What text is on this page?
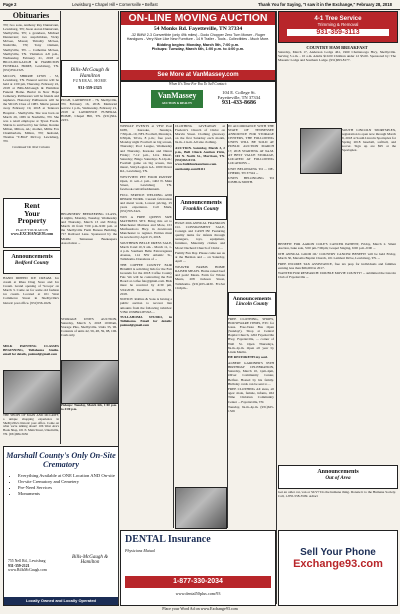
Page 2	Lewisburg • Chapel Hill • Cornersville • Belfast	Thank You for Saying, "I saw it in the Exchange," February 28, 2018
Obituaries

TN; two sons, Anthony Ray Dunnavant, Lewisburg, TN; Jason Aaron Dunnavant, Shelbyville, TN; a grandson, Michael Dunnavant; two stepchildren, Vicky McGee, Mason; Timothy McGee, Nashville, TN; Tony Ozment, Shelbyville, TN. ... Catherine McGee, Shelbyville, TN. Visitation 4-8 p.m., Wednesday, February 21, 2018 at BILLS-MCGAUGH & HAMILTON FUNERAL HOME, Lewisburg, TN. (931)359-2325.

MCCOY, SHIRRIE LYNN - 53, Lewisburg, TN. Funeral service will be held at 1:00 pm, Thursday, February 22, 2018 at Bills-McGaugh & Hamilton Funeral Home. Burial in New Hope Cemetery. Pallbearers will be friends and nephews. Honorary Pallbearers will be the SICOS Class of 1983. Shirrie passed away February 19, 2018 at Tennova Hospital - Shelbyville. She was born on March 26, 1965 in Nashville, TN. She was a retail employee at Tyson Foods. Shirrie is survived by her father, Ronnie Milton, Milton, AL; mother, Millie Fox Chamberlain, Milton, TN; husband, Thomas "T-Bird" McCoy, Lewisburg, TN.

Continued On Next Column
Bills-McGaugh & Hamilton
FUNERAL HOME
931-359-2325

PUGH, LAWRENCE - 76, Shelbyville, TN. February 16, 2018. Memorial service 1 p.m., Wednesday, February 21, 2018 at LAWRENCE FUNERAL HOME, Chapel Hill, TN. (931)364-2233.

Rent
Your
Property
PLACE YOUR AD ON
www.EXCHANGE93.com
Announcements
Bedford County

BEGINNERS' BEEKEEPING CLASS, 4 nights, Monday, Tuesday, Wednesday and Thursday, March 13 and Friday, March 16 from 7:00 p.m.-9:00 p.m. at the Shelbyville Farm Bureau Building, 717 Railroad Lane. Sponsored by the Middle Tennessee Beekeepers Association ...

STORAGE UNITS AUCTION, Saturday, March 3, 2018 10:00am, Storage Plus, Shelbyville. Units 35, 96. Contents of units 42, 56, 48, 59, 98, 106. Cash only.

HAND DIPPED ICE CREAM. Ice cream at Rhea Drug Store and Ice Cream. Grand opening of 'Scoops' on March 3. Come on for some old fashion ice cream. Located at 101 West Commerce Street in Shelbyville's historic post office. (931)556-1626.

MILK PAINTING CLASSES BEGINNING, Tullahoma Studio. email for details, painted@gmail.com

THE SHOPS OF MAIN AND MCGRIFF, a unique shopping experience in Shelbyville's historic post office. Come on what we're talking about! 106 West Ave's Book Shop, 101 E. Main Street, Unionville, TN. (931)684-5656

Pickups: Tuesday, March 6th, 1:00 p.m. to 4:00 p.m.

Marshall County's Only On-Site Crematory
• Everything Available at ONE Location AND On-site
• On-site Crematory and Cemetery
• Pre-Need Services
• Monuments
755 Nell Rd., Lewisburg
931-359-2121
www.BillsMcGaugh.com
Bills-McGaugh & Hamilton
Locally Owned and Locally Operated
ON-LINE MOVING AUCTION
54 Monks Rd. Fayetteville, TN 37334
-32 BMW 2-3 Convertible (only 49k miles) - Dodo Chopper Zero Turn Mower - Ruger Handguns - Very Nice Like New Furniture - 14 ft Trailer - Tools - Collectibles - Much More.
Bidding begins: Monday, March 5th, 7:00 p.m.
Pickups: Tuesday, March 6th, 1:00 p.m. to 4:00 p.m.
See More at VanMassey.com
When It's Time For You To Sell Contact:
VanMassey
AUCTION & REALTY
104 E. College St.
Fayetteville, TN 37334
931-433-8686

WEEKLY EVENTS at VFW Post 6188, Karaoke, Sundays, 7:30p.m.-10, NFL Football, Mondays, 6:30pm, Trivia, 8 p.m.; free pool, Monday night Football on big screen, Thursday; Pool League, Wednesday and Thursday, Karaoke and Dance Friday; 7-12 p.m., Live Music, Saturday; Bingo Saturdays 8-12p.m.; Football game on big screen, live music, Sixty/Legion GA. 1000 Dover Rd., Lewisburg, TN.

WESTVIEW PET FOOD PANTRY Open, 11 a.m.-1 p.m., 1402 N. Main Street, Lewisburg TN. facebook.com/alfreddunnam.

FULL SERVICE WELDING AND REPAIR WORK. Custom fabrication and metal work, Lowest pricing, 25 years experience. Call Mark, (931)703-3421.

WIN A FREE QUEEN SIZE MATTRESS SET. Bring this ad to Manchester Mattress and More, 101 Murfreesboro Hwy. in downtown Manchester to register. Entries must be received by April 15, 2018.

SOUTHERN BELLE DRESS SALE, March 9 and 10, 9 am. - March 11, 1-4 p.m. Southern Belle Extravaganza Avenue, 114 NW Atlantic St., Tullahoma. Donations of ...

THE COFFEE COUNTY FAIR BOARD is soliciting bids for the Fair Grounds for the 2018 Coffee County Fair. We will be contracting the Fair Board at colfee fair@gmail.com. Bids must be received by 4:30 pm, 5/04/2018. Deadline is March 30, 2018.

NOTICE: Rollins & Sons is having a public auction to recover lien amounts from the following vehicles: VIN# 1NXBR12E5XZ....

TULLAHOMA STUDIO, in Tullahoma. Email for details: painted@gmail.com

CLOTHING GIVEAWAY at Frederic's Church of Christ on Marvin Street. Clothing giveaway on the first Saturday each month, 9a.m.-11a.m. All size clothing.

AUCTION. Saturday, March 3, 2 p.m., Bull Chuck Auction Firm, 101 N. North St., Morrison, TN. (931)563-0131. www.bullchuckauctions.com. auctionzip.com#6111

Announcements
Franklin County

HUGE 26th ANNUAL FRANKLIN CO. CONSIGNMENT SALE, Consign and CASH IN! Featuring quality items for infants through teenagers, toys, equipment, furniture, Maternity clothes and More! Decherd Church of Christ ...

Family Fun Day. Please come see us at the Herman and ... on Saturday, April ...

WEAVER FARMS HOME RAISED MEATS. Home raised beef and pork! Meats. Farm for Whole Meats, 208 Jackson Street, Tullahoma. (931)455-4430. Fri-Sat 10-6pm...

IN ACCORDANCE WITH THE STATE OF TENNESSEE ANNOUNCE FOR STORAGE CENTERS, THE FOLLOWING UNITS WILL BE SOLD AT PUBLIC AUCTION MARCH 17, 2018 STARTING AT 9A.M. AT BEST VALUE STORAGE, LOCATED AT FOLLOWING LOCATIONS ...

UNIT BELONGING TO ... DE-CHERD, TN 37324 ...

UNITS BELONGING TO JOSHUA SMITH.

Announcements
Lincoln County

FREE CLOTHING, SHOES, HOUSEWARE ITEMS, ETC for Jesus. Free-Taste Bus Open (Sunday!). Shop at Central Baptist Church, 1202 Fayetteville Hwy, Fayetteville, ... corner of Wall St. Open Thursdays, 8a.m.-2p.m. Open all year by Linda Martin.

HE RESTORETH my soul.

ALBERT GARDNER'S 95TH BIRTHDAY CELEBRATION, Saturday, March 10, 1pm-4pm, Oliver Community Center, Belfast. Hosted by his family. Birthday cards can be sent to ...

FREE CLOTHING All sizes, all ages: male, female, infants, Old Time Christian Community Center ... Fayetteville, TN.

Tuesday, 9a.m.-4p.m. (931)625-1326

DENTAL Insurance
Physicians Mutual
1-877-330-2034
www.dental50plus.com/93
4-1 Tree Service
Trimming & Removal
931-359-3113
COUNTRY HAM BREAKFAST

Saturday, March 17, Anderson Lodge 461, 1960 Chattanooga Hwy, Shelbyville. Serving 5 a.m. - 10 a.m. Adults $10.00 Children under 12 $5.00. Sponsored by: The Masonic Lodge and Southern Lodge. (931)993-8177.

SOUTH LINCOLN SPORTSPLEX, registration is open now through March 9, 2018 at South Lincoln Sportsplex for Spring 2018 baseball, softball, and soccer. Sign up are $95 at the Sportsplex.

BENEFIT FOR AARON COLE'S CANCER PATIENT, Friday, March 2. Silent Auction, bake sale, 5:00 pm-7:00pm; Gospel Singing, 6:00 p.m.-9:00 ...

6TH ANNUAL GOOD OL' COUNTRY CANCER BENEFIT will be held Friday, March 30, Marsalia Baptist Church, 101 Lambert Drive, Lewisburg, TN. ...

FREE INCOME TAX ASSISTANCE, free tax prep for individuals and families earning less than $66,000 in 2017.

WANTED FOR RESEARCH: DOUBLE MOVIE COUNTY! ... submitted the Lincoln Club of Fayetteville ...

Announcements
Out of Area

Get an older car, van or SUV? Do the humane thing. Donate it to the Humane Society. Call, 1-855-558-3509. Adtact

Sell Your Phone
Exchange93.com
Place your Word Ad on www.Exchange93.com
